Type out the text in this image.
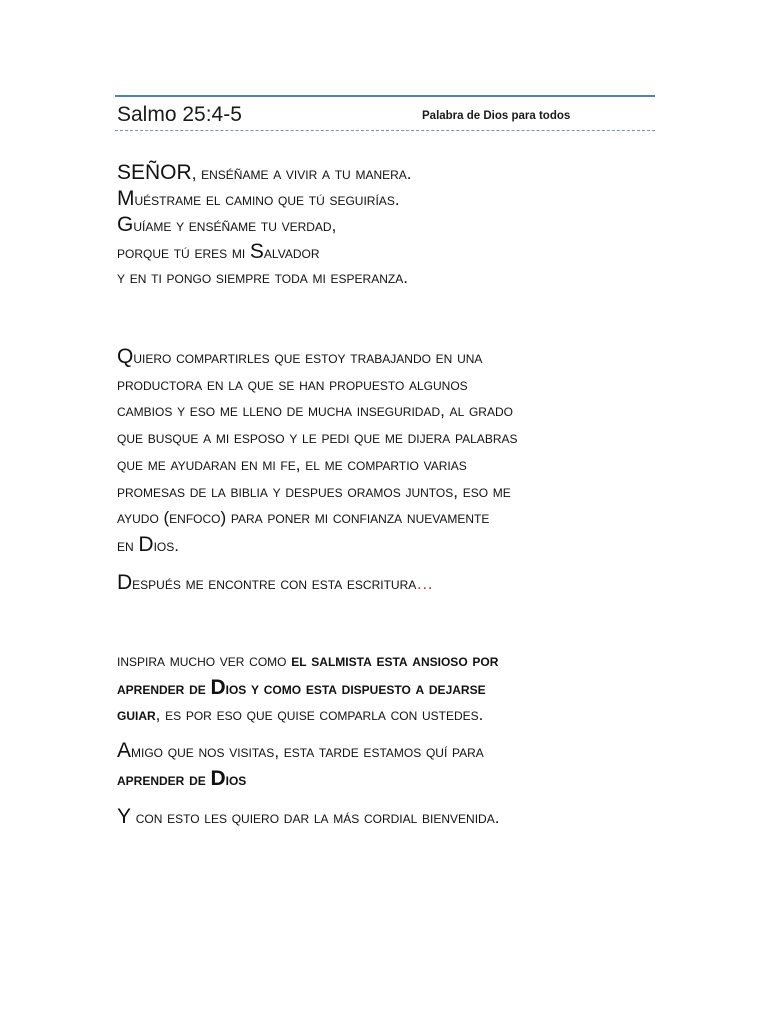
Salmo 25:4-5	Palabra de Dios para todos
SEÑOR, enséñame a vivir a tu manera.
Muéstrame el camino que tú seguirías.
Guíame y enséñame tu verdad,
porque tú eres mi Salvador
y en ti pongo siempre toda mi esperanza.
Quiero compartirles que estoy trabajando en una
productora en la que se han propuesto algunos
cambios y eso me lleno de mucha inseguridad, al grado
que busque a mi esposo y le pedi que me dijera palabras
que me ayudaran en mi fe, el me compartio varias
promesas de la biblia y despues oramos juntos, eso me
ayudo (enfoco) para poner mi confianza nuevamente
en Dios.
Después me encontre con esta escritura…
inspira mucho ver como el salmista esta ansioso por
aprender de Dios y como esta dispuesto a dejarse
guiar, es por eso que quise comparla con ustedes.
Amigo que nos visitas, esta tarde estamos quí para
aprender de Dios
Y con esto les quiero dar la más cordial bienvenida.
